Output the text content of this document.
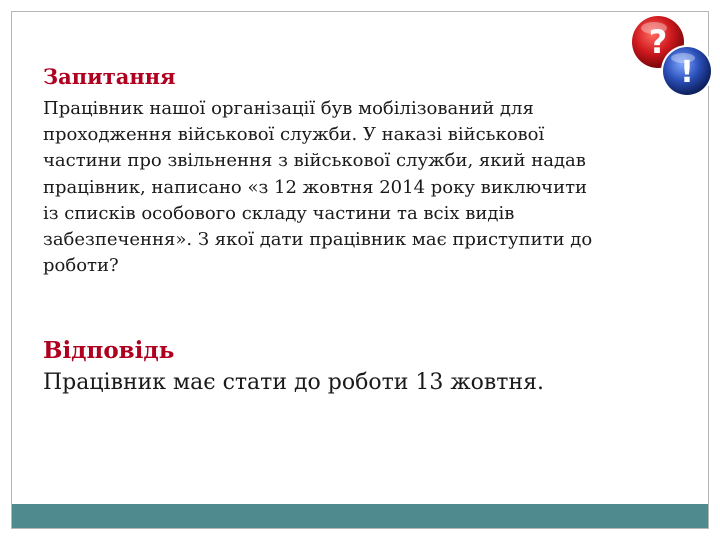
?
!
Запитання
Працівник нашої організації був мобілізований для
проходження військової служби. У наказі військової
частини про звільнення з військової служби, який надав
працівник, написано «з 12 жовтня 2014 року виключити
із списків особового складу частини та всіх видів
забезпечення». З якої дати працівник має приступити до
роботи?
Відповідь
Працівник має стати до роботи 13 жовтня.
